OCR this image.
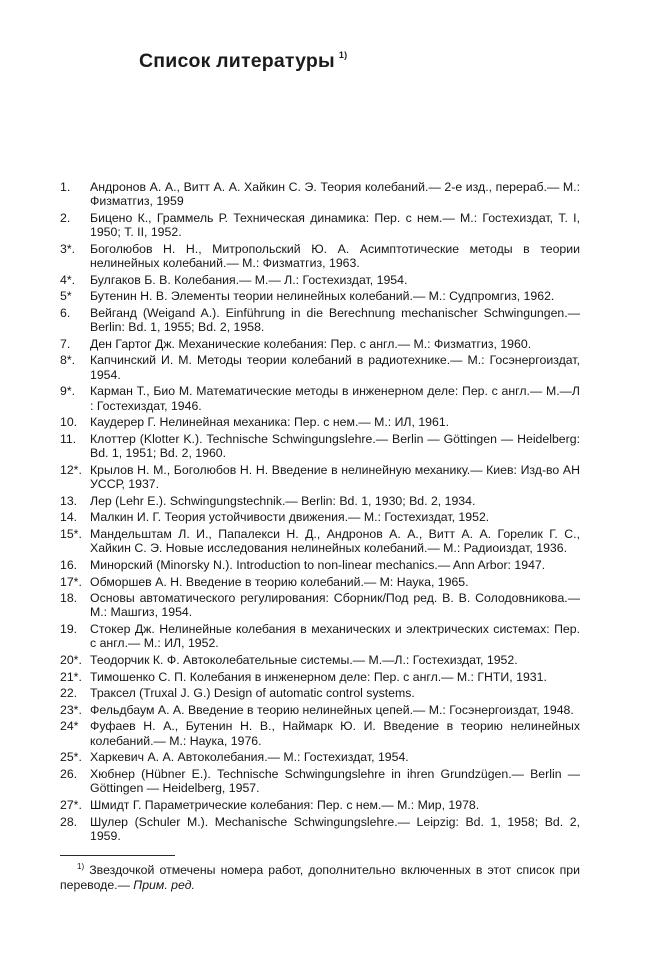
Список литературы $^{1)}$
1.	Андронов А. А., Витт А. А. Хайкин С. Э. Теория колебаний.— 2-е изд., перераб.— М.: Физматгиз, 1959
2.	Бицено К., Граммель Р. Техническая динамика: Пер. с нем.— М.: Гостехиздат, Т. I, 1950; Т. II, 1952.
3*.	Боголюбов Н. Н., Митропольский Ю. А. Асимптотические методы в теории нелинейных колебаний.— М.: Физматгиз, 1963.
4*.	Булгаков Б. В. Колебания.— М.— Л.: Гостехиздат, 1954.
5*	Бутенин Н. В. Элементы теории нелинейных колебаний.— М.: Судпромгиз, 1962.
6.	Вейганд (Weigand A.). Einführung in die Berechnung mechanischer Schwingungen.— Berlin: Bd. 1, 1955; Bd. 2, 1958.
7.	Ден Гартог Дж. Механические колебания: Пер. с англ.— М.: Физматгиз, 1960.
8*.	Капчинский И. М. Методы теории колебаний в радиотехнике.— М.: Госэнергоиздат, 1954.
9*.	Карман Т., Био М. Математические методы в инженерном деле: Пер. с англ.— М.—Л : Гостехиздат, 1946.
10.	Каудерер Г. Нелинейная механика: Пер. с нем.— М.: ИЛ, 1961.
11.	Клоттер (Klotter K.). Technische Schwingungslehre.— Berlin — Göttingen — Heidelberg: Bd. 1, 1951; Bd. 2, 1960.
12*. Крылов Н. М., Боголюбов Н. Н. Введение в нелинейную механику.— Киев: Изд-во АН УССР, 1937.
13.	Лер (Lehr E.). Schwingungstechnik.— Berlin: Bd. 1, 1930; Bd. 2, 1934.
14.	Малкин И. Г. Теория устойчивости движения.— М.: Гостехиздат, 1952.
15*. Мандельштам Л. И., Папалекси Н. Д., Андронов А. А., Витт А. А. Горелик Г. С., Хайкин С. Э. Новые исследования нелинейных колебаний.— М.: Радиоиздат, 1936.
16.	Минорский (Minorsky N.). Introduction to non-linear mechanics.— Ann Arbor: 1947.
17*. Обморшев А. Н. Введение в теорию колебаний.— М: Наука, 1965.
18.	Основы автоматического регулирования: Сборник/Под ред. В. В. Солодовникова.— М.: Машгиз, 1954.
19.	Стокер Дж. Нелинейные колебания в механических и электрических системах: Пер. с англ.— М.: ИЛ, 1952.
20*. Теодорчик К. Ф. Автоколебательные системы.— М.—Л.: Гостехиздат, 1952.
21*. Тимошенко С. П. Колебания в инженерном деле: Пер. с англ.— М.: ГНТИ, 1931.
22.	Траксел (Truxal J. G.) Design of automatic control systems.
23*. Фельдбаум А. А. Введение в теорию нелинейных цепей.— М.: Госэнергоиздат, 1948.
24* Фуфаев Н. А., Бутенин Н. В., Наймарк Ю. И. Введение в теорию нелинейных колебаний.— М.: Наука, 1976.
25*. Харкевич А. А. Автоколебания.— М.: Гостехиздат, 1954.
26.	Хюбнер (Hübner E.). Technische Schwingungslehre in ihren Grundzügen.— Berlin — Göttingen — Heidelberg, 1957.
27*. Шмидт Г. Параметрические колебания: Пер. с нем.— М.: Мир, 1978.
28.	Шулер (Schuler M.). Mechanische Schwingungslehre.— Leipzig: Bd. 1, 1958; Bd. 2, 1959.

$^{1)}$ Звездочкой отмечены номера работ, дополнительно включенных в этот список при переводе.— Прим. ред.
